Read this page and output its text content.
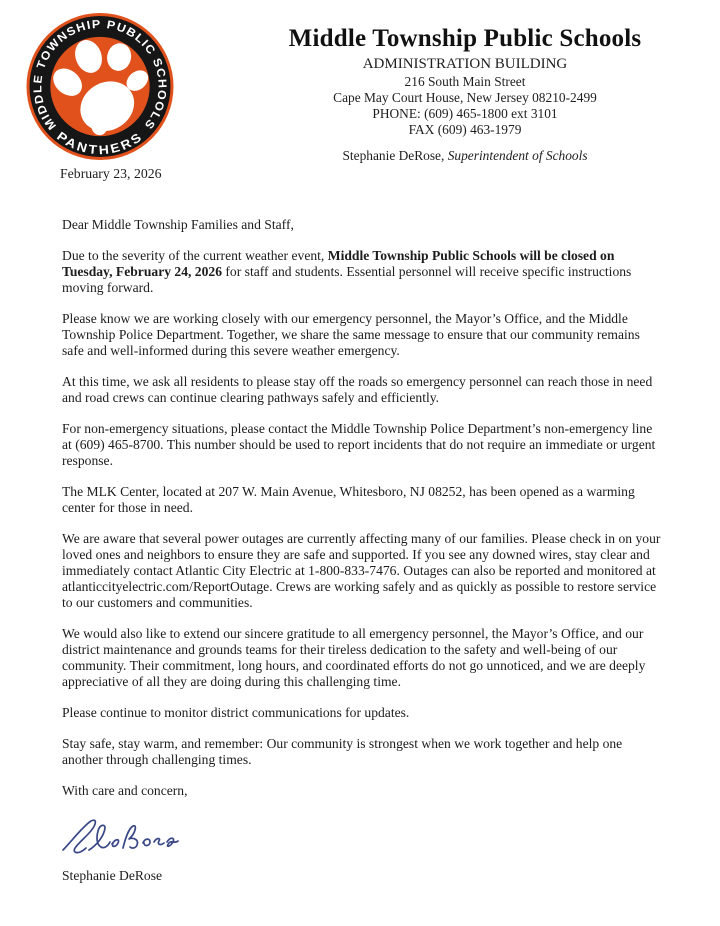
MIDDLE TOWNSHIP PUBLIC SCHOOLS
PANTHERS
Middle Township Public Schools
ADMINISTRATION BUILDING
216 South Main Street
Cape May Court House, New Jersey 08210-2499
PHONE: (609) 465-1800 ext 3101
FAX (609) 463-1979
Stephanie DeRose, Superintendent of Schools
February 23, 2026

Dear Middle Township Families and Staff,

Due to the severity of the current weather event, Middle Township Public Schools will be closed on Tuesday, February 24, 2026 for staff and students. Essential personnel will receive specific instructions moving forward.

Please know we are working closely with our emergency personnel, the Mayor’s Office, and the Middle Township Police Department. Together, we share the same message to ensure that our community remains safe and well-informed during this severe weather emergency.

At this time, we ask all residents to please stay off the roads so emergency personnel can reach those in need and road crews can continue clearing pathways safely and efficiently.

For non-emergency situations, please contact the Middle Township Police Department’s non-emergency line at (609) 465-8700. This number should be used to report incidents that do not require an immediate or urgent response.

The MLK Center, located at 207 W. Main Avenue, Whitesboro, NJ 08252, has been opened as a warming center for those in need.

We are aware that several power outages are currently affecting many of our families. Please check in on your loved ones and neighbors to ensure they are safe and supported. If you see any downed wires, stay clear and immediately contact Atlantic City Electric at 1-800-833-7476. Outages can also be reported and monitored at atlanticcityelectric.com/ReportOutage. Crews are working safely and as quickly as possible to restore service to our customers and communities.

We would also like to extend our sincere gratitude to all emergency personnel, the Mayor’s Office, and our district maintenance and grounds teams for their tireless dedication to the safety and well-being of our community. Their commitment, long hours, and coordinated efforts do not go unnoticed, and we are deeply appreciative of all they are doing during this challenging time.

Please continue to monitor district communications for updates.

Stay safe, stay warm, and remember: Our community is strongest when we work together and help one another through challenging times.

With care and concern,

Stephanie DeRose
